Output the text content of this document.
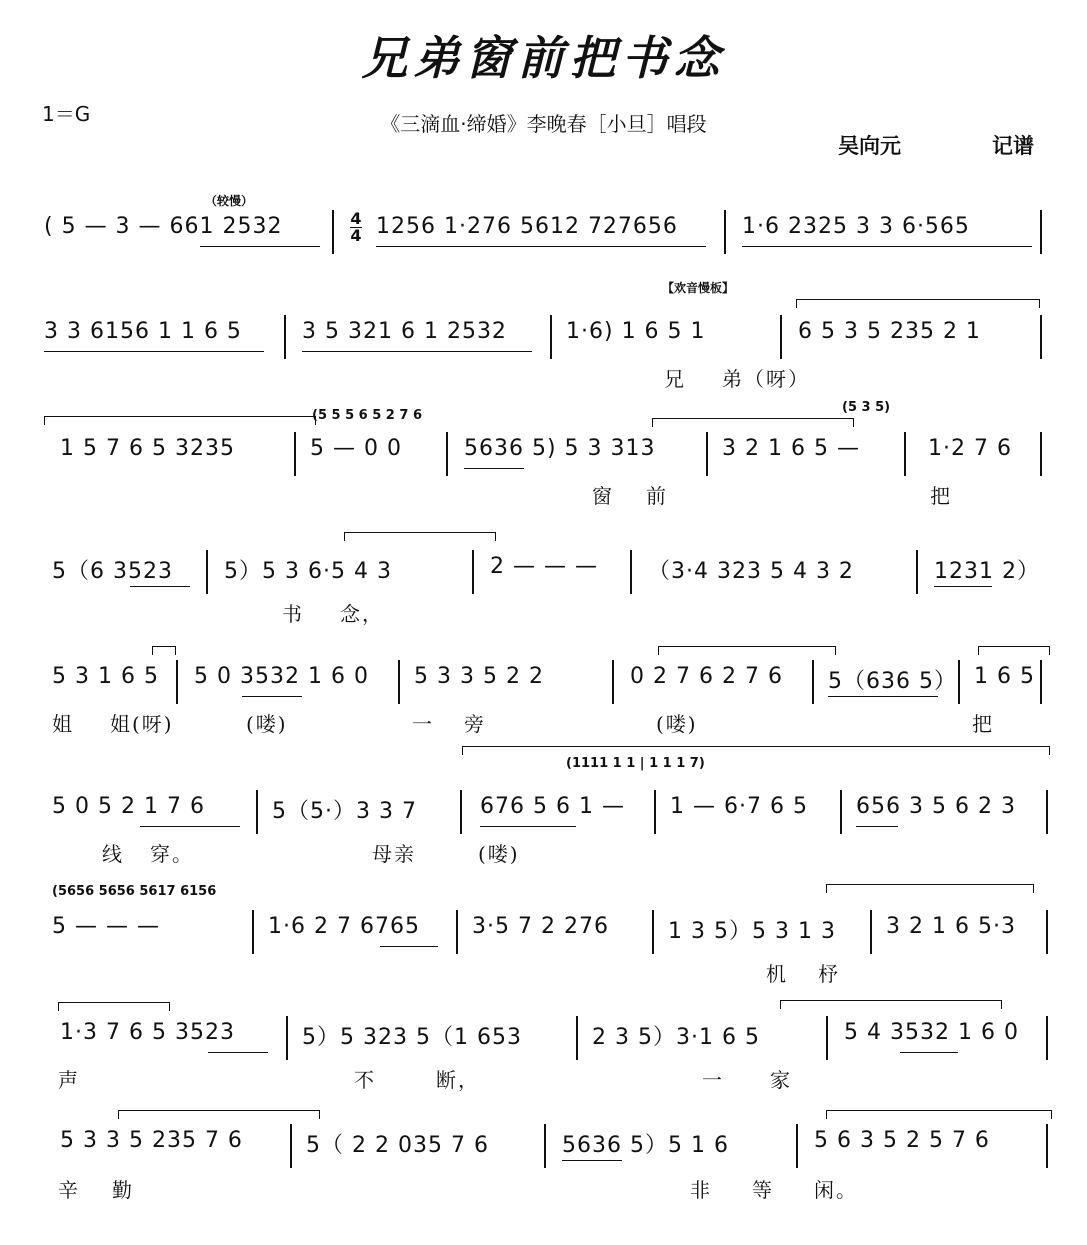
兄弟窗前把书念
1＝G	《三滴血·缔婚》李晚春［小旦］唱段
吴向元	记谱
（较慢）
( 5 — 3 — 661 2532	4
4 1256 1·276 5612 727656	1·6 2325 3 3 6·565
【欢音慢板】
3 3 6156 1 1 6 5	3 5 321 6 1 2532	1·6) 1 6 5 1	6 5 3 5 235 2 1
兄 弟（呀）
(5 5 5 6 5 2 7 6
(5 3 5)
1 5 7 6 5 3235	5 — 0 0	5636 5) 5 3 313	3 2 1 6 5 —	1·2 7 6
窗 前	把
5（6 3523 5）5 3 6·5 4 3	2 — — — （3·4 323 5 4 3 2	1231 2）
书 念，
5 3 1 6 5 5 0 3532 1 6 0 5 3 3 5 2 2	0 2 7 6 2 7 6 5（636 5） 1 6 5
姐 姐(呀)	(喽)	一 旁	(喽)	把
(1111 1 1 | 1 1 1 7)
5 0 5 2 1 7 6	5（5·）3 3 7	676 5 6 1 — 1 — 6·7 6 5 656 3 5 6 2 3
线 穿。	母亲	(喽)
(5656 5656 5617 6156
5 — — —	1·6 2 7 6765 3·5 7 2 276	1 3 5）5 3 1 3 3 2 1 6 5·3
机 杼
1·3 7 6 5 3523	5）5 323 5（1 653	2 3 5）3·1 6 5	5 4 3532 1 6 0
声	不	断，	一 家
5 3 3 5 235 7 6	5（ 2 2 035 7 6	5636 5）5 1 6	5 6 3 5 2 5 7 6
辛 勤	非 等 闲。
